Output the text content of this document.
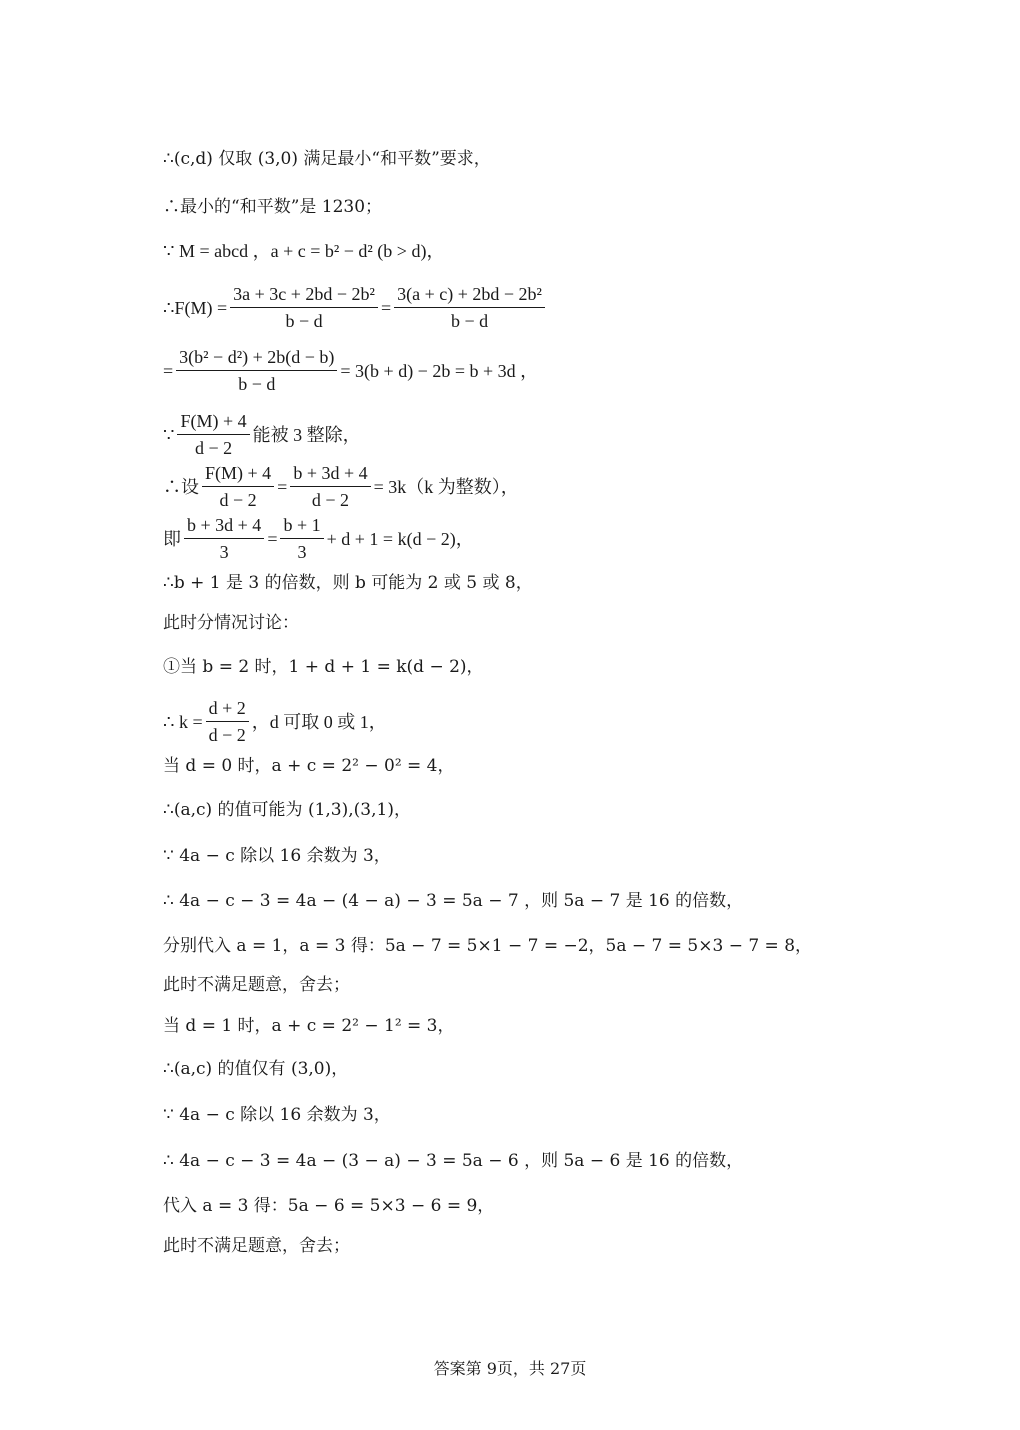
∴(c,d) 仅取 (3,0) 满足最小“和平数”要求，
∴最小的“和平数”是 1230；
∵ M = abcd ，a + c = b² − d² (b > d)，
∴F(M) = $\frac{\text{3a + 3c + 2bd − 2b²}}{b - d} = \frac{\text{3(a + c) + 2bd − 2b²}}{b - d}$
= $\frac{\text{3(b² − d²) + 2b(d − b)}}{b - d} = 3(b + d) - 2b = b + 3d$ ，
∵ $\frac{F(M) + 4}{d - 2}$ 能被 3 整除，
∴设 $\frac{F(M) + 4}{d - 2} = \frac{b + 3d + 4}{d - 2} = 3k(k$ 为整数），
即 $\frac{b + 3d + 4}{3} = \frac{b + 1}{3} + d + 1 = k(d - 2)$，
∴b + 1 是 3 的倍数，则 b 可能为 2 或 5 或 8，
此时分情况讨论：
①当 b = 2 时，1 + d + 1 = k(d − 2)，
∴ $k = \frac{d + 2}{d - 2}$ ，d 可取 0 或 1，
当 d = 0 时，a + c = 2² − 0² = 4，
∴(a,c) 的值可能为 (1,3),(3,1)，
∵ 4a − c 除以 16 余数为 3，
∴ 4a − c − 3 = 4a − (4 − a) − 3 = 5a − 7 ，则 5a − 7 是 16 的倍数，
分别代入 a = 1，a = 3 得：5a − 7 = 5×1 − 7 = −2，5a − 7 = 5×3 − 7 = 8，
此时不满足题意，舍去；
当 d = 1 时，a + c = 2² − 1² = 3，
∴(a,c) 的值仅有 (3,0)，
∵ 4a − c 除以 16 余数为 3，
∴ 4a − c − 3 = 4a − (3 − a) − 3 = 5a − 6 ，则 5a − 6 是 16 的倍数，
代入 a = 3 得：5a − 6 = 5×3 − 6 = 9，
此时不满足题意，舍去；
答案第 9页，共 27页
